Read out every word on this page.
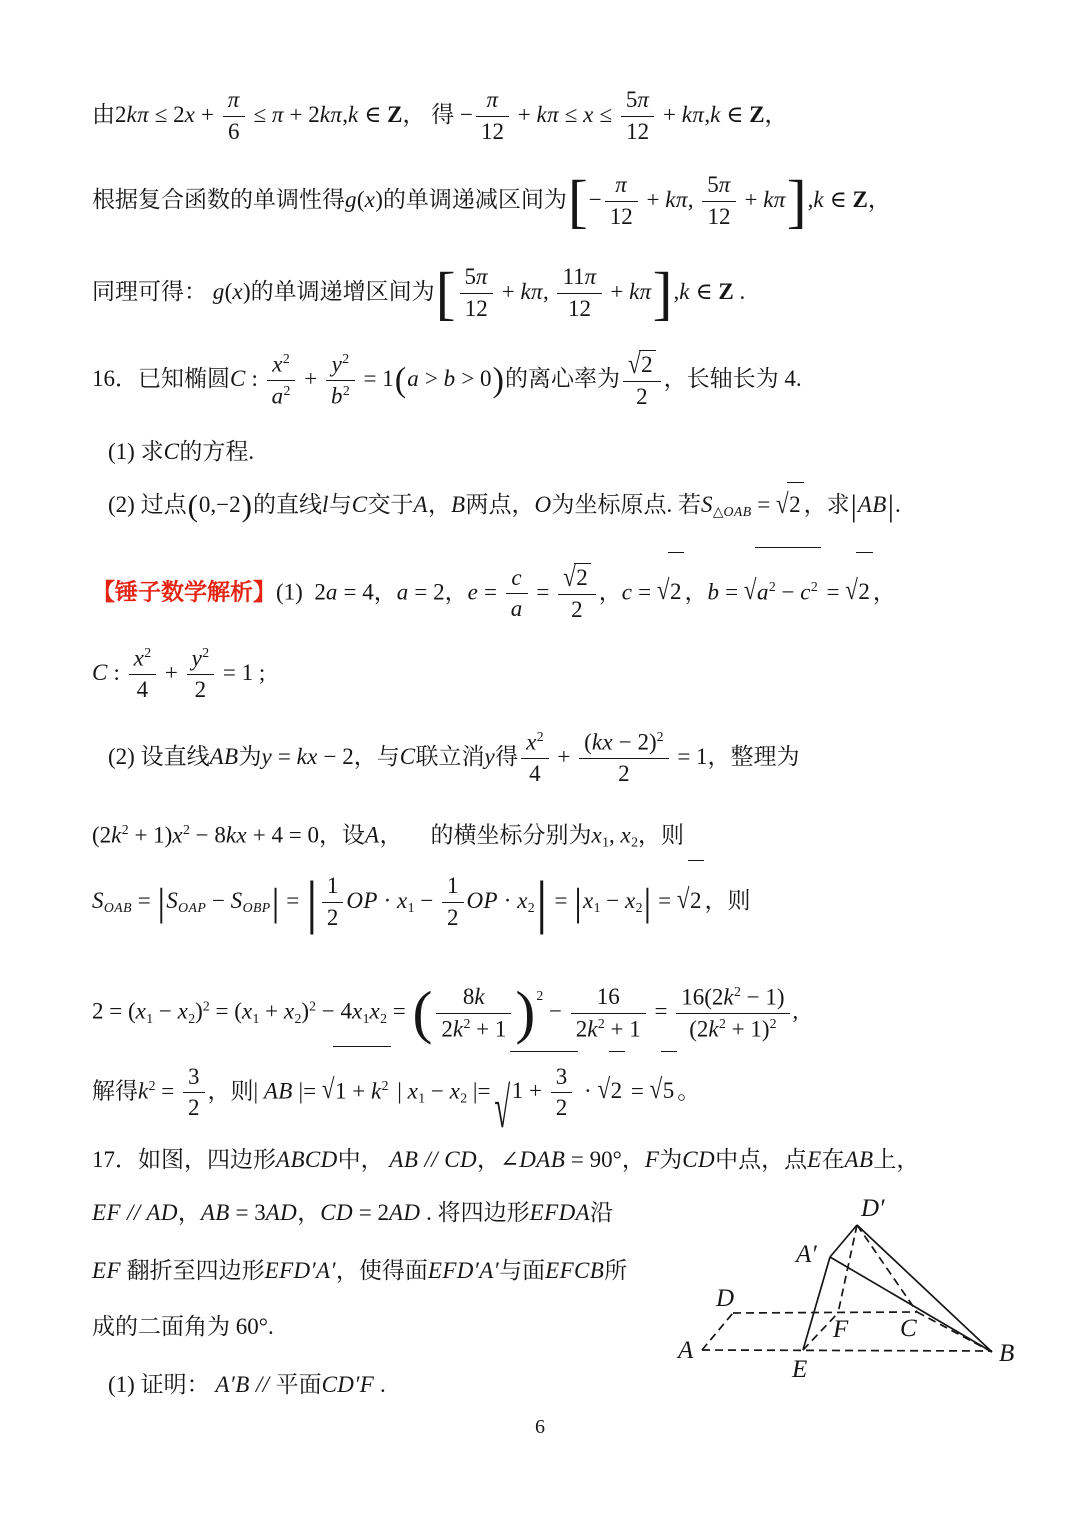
由$2k\pi \le 2x + \frac{\pi}{6} \le \pi + 2k\pi,k$ ∈ Z， 得 − $\frac{\pi}{12} + k\pi \le x \le \frac{5\pi}{12} + k\pi,k$ ∈ Z，
根据复合函数的单调性得g(x)的单调递减区间为[− $\frac{\pi}{12} + k\pi$, $\frac{5\pi}{12} + k\pi],k$ ∈ Z，
同理可得： g(x)的单调递增区间为[ $\frac{5\pi}{12} + k\pi$, $\frac{11\pi}{12} + k\pi],k$ ∈ Z .
16．已知椭圆C : $\frac{x^2}{a^2} + \frac{y^2}{b^2} = 1(a > b > 0)$的离心率为 $\frac{√2}{2}$ ，长轴长为 4.
(1) 求C的方程.
(2) 过点(0,−2)的直线l与C交于A，B两点，O为坐标原点. 若S△OAB = √2 ，求|AB|.
【锤子数学解析】(1)  2a = 4，a = 2，$e = \frac{c}{a} = \frac{√2}{2}$ ，c = √2 ，$b = √a^2 - c^2 = √2$ ，
C : $\frac{x^2}{4} + \frac{y^2}{2} = 1$ ;
(2) 设直线AB为y = kx − 2，与C联立消y得 $\frac{x^2}{4} + \frac{(kx - 2)^2}{2} = 1$，整理为
$(2k^2 + 1)x^2 - 8kx + 4 = 0$，设A， 的横坐标分别为x1, x2，则
SOAB = |SOAP − SOBP| = | $\frac{1}{2}$ OP · $x1 - \frac{1}{2}$ OP · x2| = |x1 − x2| = √2 ，则
$2 = (x1 - x2)^2 = (x1 + x2)^2 - 4x1x2$ = ( $\frac{8k}{2k^2 + 1} )^2 - \frac{16}{2k^2 + 1} = \frac{16(2k^2 - 1)}{(2k^2 + 1)^2}$ ,
解得$k^2 = \frac{3}{2}$ ，则| AB |= $√1 + k^2$ | x1 − x2 |= $√1 + \frac{3}{2} \cdot √2 = √5$ 。
17．如图，四边形ABCD中， AB // CD，∠DAB = 90°，F为CD中点，点E在AB上，
EF // AD，AB = 3AD，CD = 2AD . 将四边形EFDA沿
EF 翻折至四边形EFD′A′，使得面EFD′A′与面EFCB所
成的二面角为 60°.
(1) 证明： A′B // 平面CD′F .
D′
A′
D
A
E
F C
B
6
